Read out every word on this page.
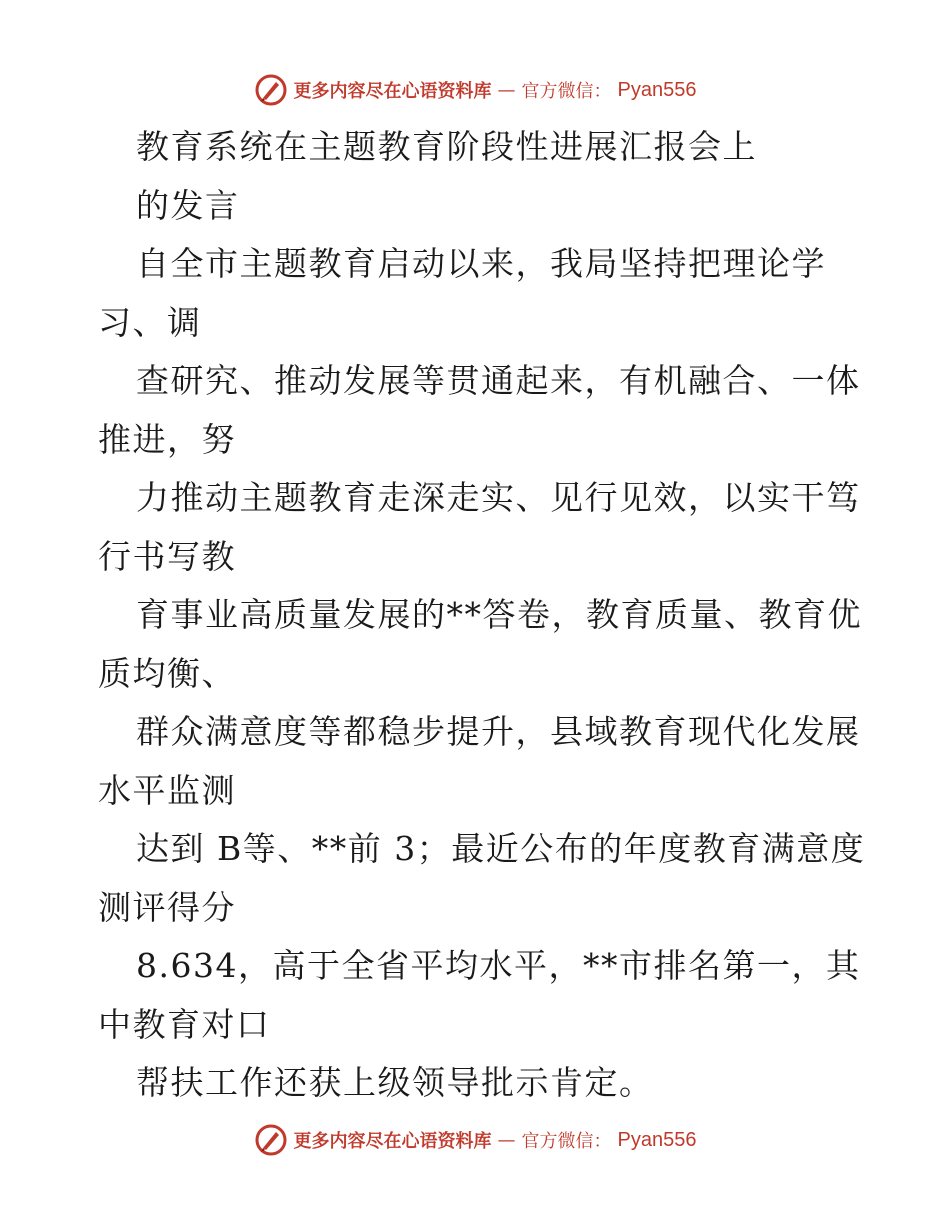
更多内容尽在心语资料库 — 官方微信： Pyan556
教育系统在主题教育阶段性进展汇报会上
的发言
自全市主题教育启动以来，我局坚持把理论学
习、调
查研究、推动发展等贯通起来，有机融合、一体
推进，努
力推动主题教育走深走实、见行见效，以实干笃
行书写教
育事业高质量发展的**答卷，教育质量、教育优
质均衡、
群众满意度等都稳步提升，县域教育现代化发展
水平监测
达到 B等、**前 3；最近公布的年度教育满意度
测评得分
8.634，高于全省平均水平，**市排名第一，其
中教育对口
帮扶工作还获上级领导批示肯定。
更多内容尽在心语资料库 — 官方微信： Pyan556
